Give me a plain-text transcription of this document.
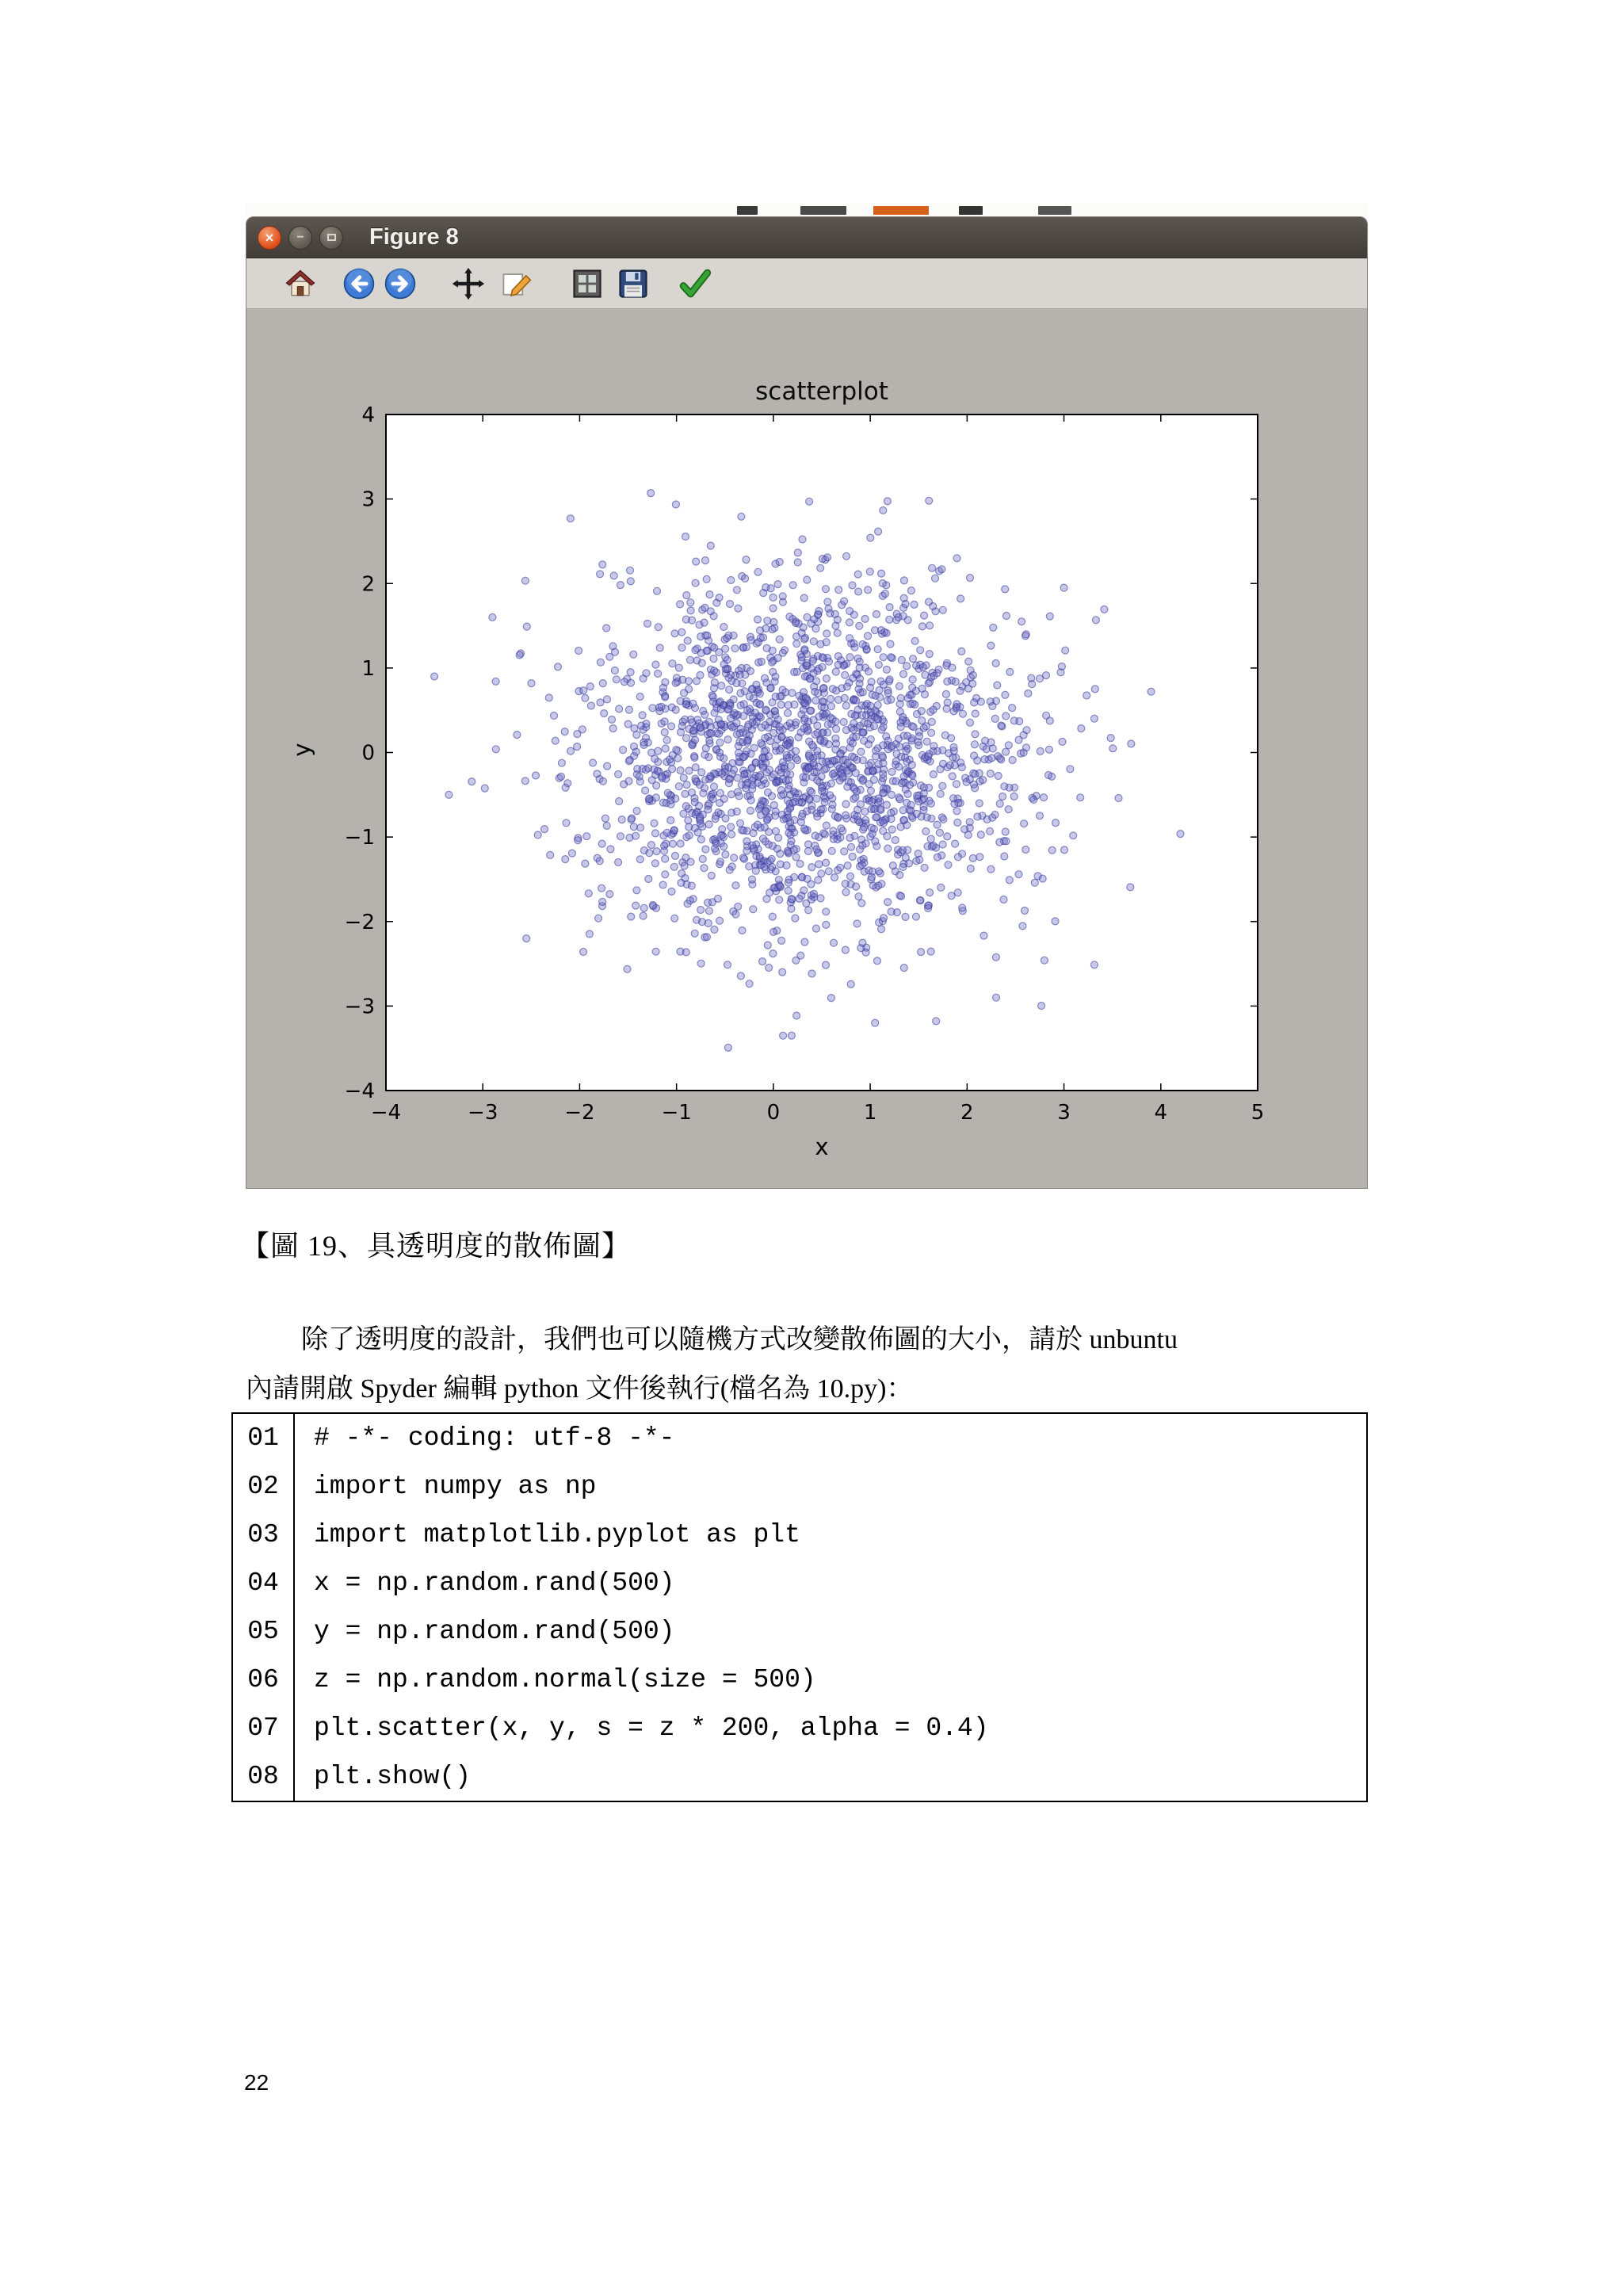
× −	Figure 8
scatterplot
−4	−3	−2	−1	0	1	2	3	4	5
−4
−3
−2
−1
0
1
2
3
4
x
y
【圖 19、具透明度的散佈圖】
除了透明度的設計，我們也可以隨機方式改變散佈圖的大小，請於 unbuntu
內請開啟 Spyder 編輯 python 文件後執行(檔名為 10.py)：
01	# -*- coding: utf-8 -*-
02	import numpy as np
03	import matplotlib.pyplot as plt
04	x = np.random.rand(500)
05	y = np.random.rand(500)
06	z = np.random.normal(size = 500)
07	plt.scatter(x, y, s = z * 200, alpha = 0.4)
08	plt.show()
22
